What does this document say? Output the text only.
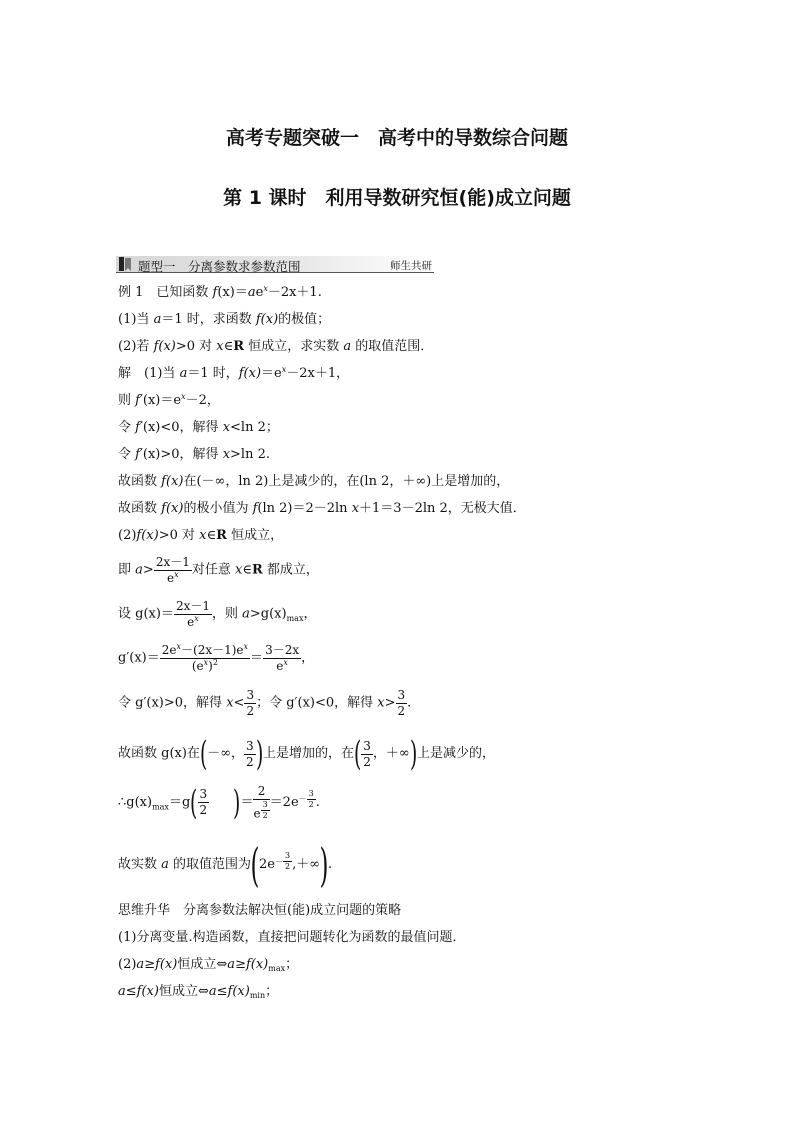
高考专题突破一　高考中的导数综合问题
第 1 课时　利用导数研究恒(能)成立问题
题型一　分离参数求参数范围	师生共研
例 1　已知函数 $f(x)=ae^x-2x+1$.
(1)当 a＝1 时，求函数 f(x)的极值；
(2)若 f(x)>0 对 x∈R 恒成立，求实数 a 的取值范围．
解　(1)当 a＝1 时，$f(x)=e^x-2x+1$，
则 $f'(x)=e^x-2$，
令 f′(x)<0，解得 x<ln 2；
令 f′(x)>0，解得 x>ln 2.
故函数 f(x)在(－∞，ln 2)上是减少的，在(ln 2，＋∞)上是增加的，
故函数 f(x)的极小值为 f(ln 2)＝2－2ln x＋1＝3－2ln 2，无极大值．
(2)f(x)>0 对 x∈R 恒成立，
即 $a> \frac{2x-1}{e^x}$ 对任意 x∈R 都成立，
设 $g(x)= \frac{2x-1}{e^x}$ ，则 $a>g(x)_{max}$，
$g'(x)= \frac{2e^x-(2x-1)e^x}{(e^x)^2} = \frac{3-2x}{e^x}$ ，
令 g′(x)>0，解得 $x< \frac{3}{2}$ ；令 g′(x)<0，解得 $x> \frac{3}{2}$ .
故函数 g(x)在(－∞， $\frac{3}{2}$ )上是增加的，在( $\frac{3}{2}$ ，＋∞)上是减少的，
$\therefore g(x)_{max}=g( \frac{3}{2}$ )＝ 2
e $^{\frac{3}{2}} =2e^{- \frac{3}{2}}$ .
故实数 a 的取值范围为($2e^{- \frac{3}{2}}$ ,＋∞).
思维升华　分离参数法解决恒(能)成立问题的策略
(1)分离变量.构造函数，直接把问题转化为函数的最值问题．
(2)a≥f(x)恒成立$\Leftrightarrow a\ge f(x)_{max}$；
a≤f(x)恒成立$\Leftrightarrow a\le f(x)_{min}$；
